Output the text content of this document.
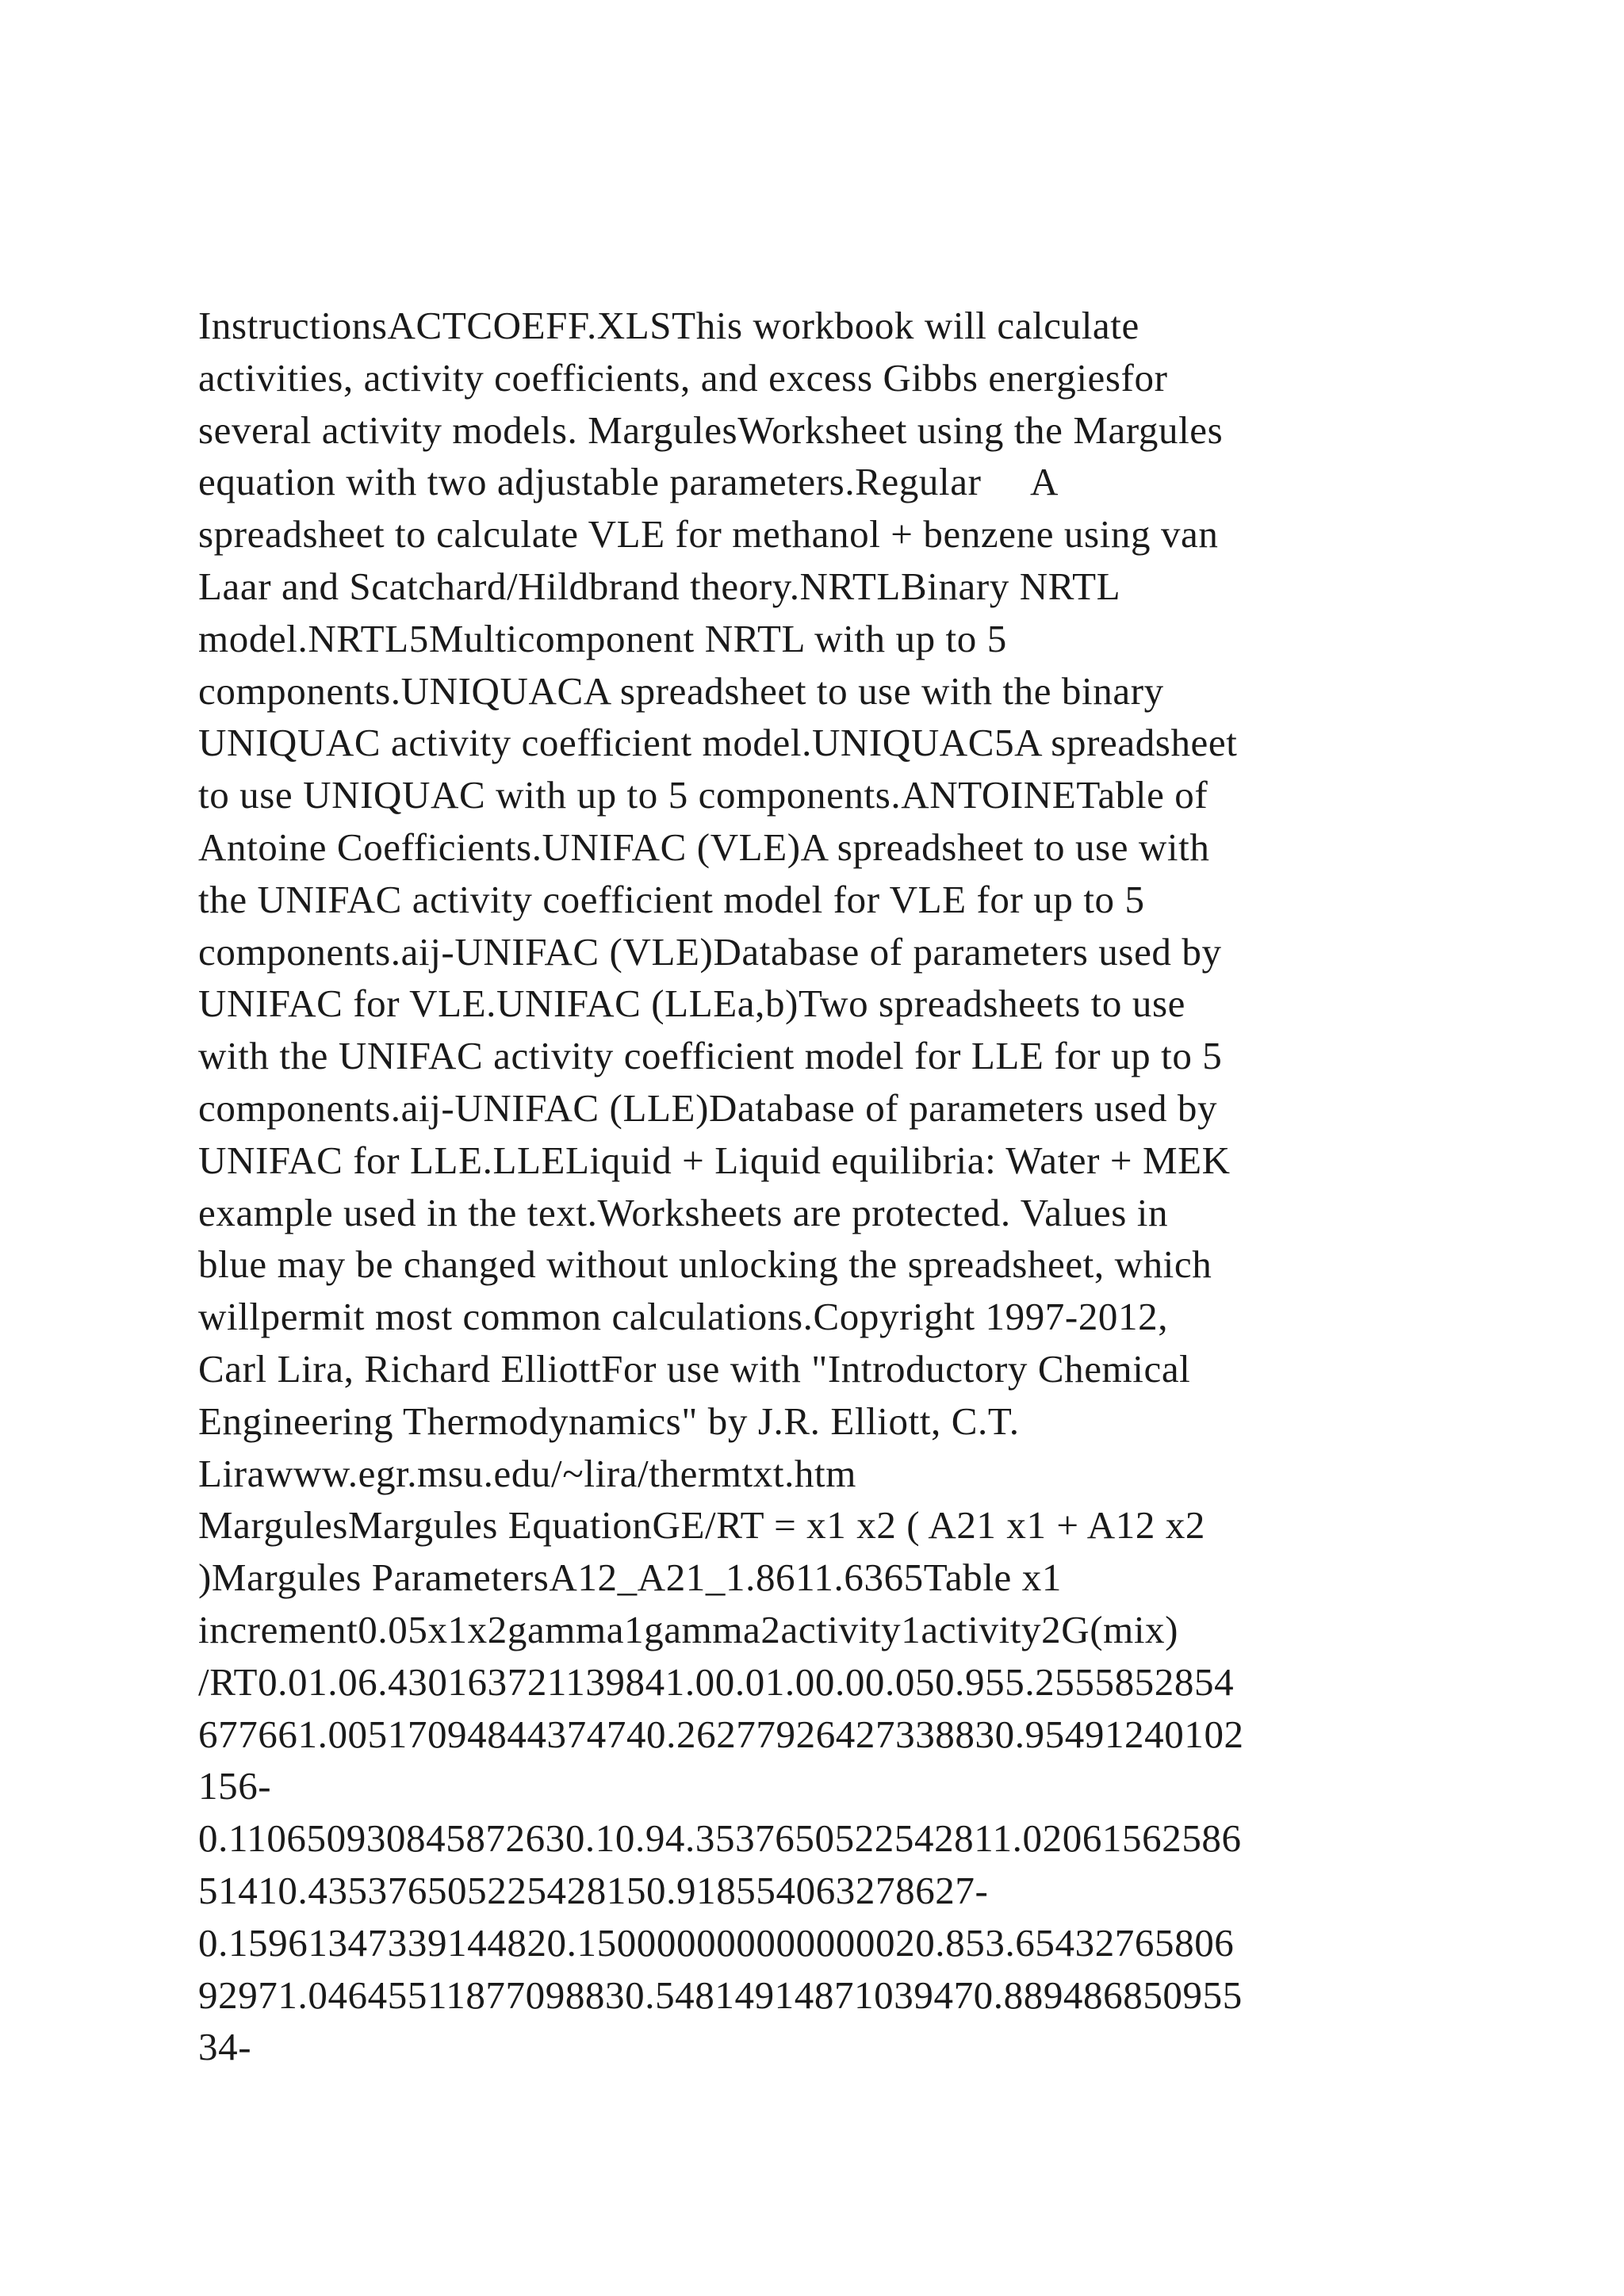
InstructionsACTCOEFF.XLSThis workbook will calculate
activities, activity coefficients, and excess Gibbs energiesfor
several activity models. MargulesWorksheet using the Margules
equation with two adjustable parameters.Regular     A
spreadsheet to calculate VLE for methanol + benzene using van
Laar and Scatchard/Hildbrand theory.NRTLBinary NRTL
model.NRTL5Multicomponent NRTL with up to 5
components.UNIQUACA spreadsheet to use with the binary
UNIQUAC activity coefficient model.UNIQUAC5A spreadsheet
to use UNIQUAC with up to 5 components.ANTOINETable of
Antoine Coefficients.UNIFAC (VLE)A spreadsheet to use with
the UNIFAC activity coefficient model for VLE for up to 5
components.aij-UNIFAC (VLE)Database of parameters used by
UNIFAC for VLE.UNIFAC (LLEa,b)Two spreadsheets to use
with the UNIFAC activity coefficient model for LLE for up to 5
components.aij-UNIFAC (LLE)Database of parameters used by
UNIFAC for LLE.LLELiquid + Liquid equilibria: Water + MEK
example used in the text.Worksheets are protected. Values in
blue may be changed without unlocking the spreadsheet, which
willpermit most common calculations.Copyright 1997-2012,
Carl Lira, Richard ElliottFor use with "Introductory Chemical
Engineering Thermodynamics" by J.R. Elliott, C.T.
Lirawww.egr.msu.edu/~lira/thermtxt.htm
MargulesMargules EquationGE/RT = x1 x2 ( A21 x1 + A12 x2
)Margules ParametersA12_A21_1.8611.6365Table x1
increment0.05x1x2gamma1gamma2activity1activity2G(mix)
/RT0.01.06.430163721139841.00.01.00.00.050.955.2555852854
677661.00517094844374740.26277926427338830.95491240102
156-
0.110650930845872630.10.94.3537650522542811.02061562586
51410.435376505225428150.918554063278627-
0.15961347339144820.150000000000000020.853.65432765806
92971.04645511877098830.54814914871039470.889486850955
34-
